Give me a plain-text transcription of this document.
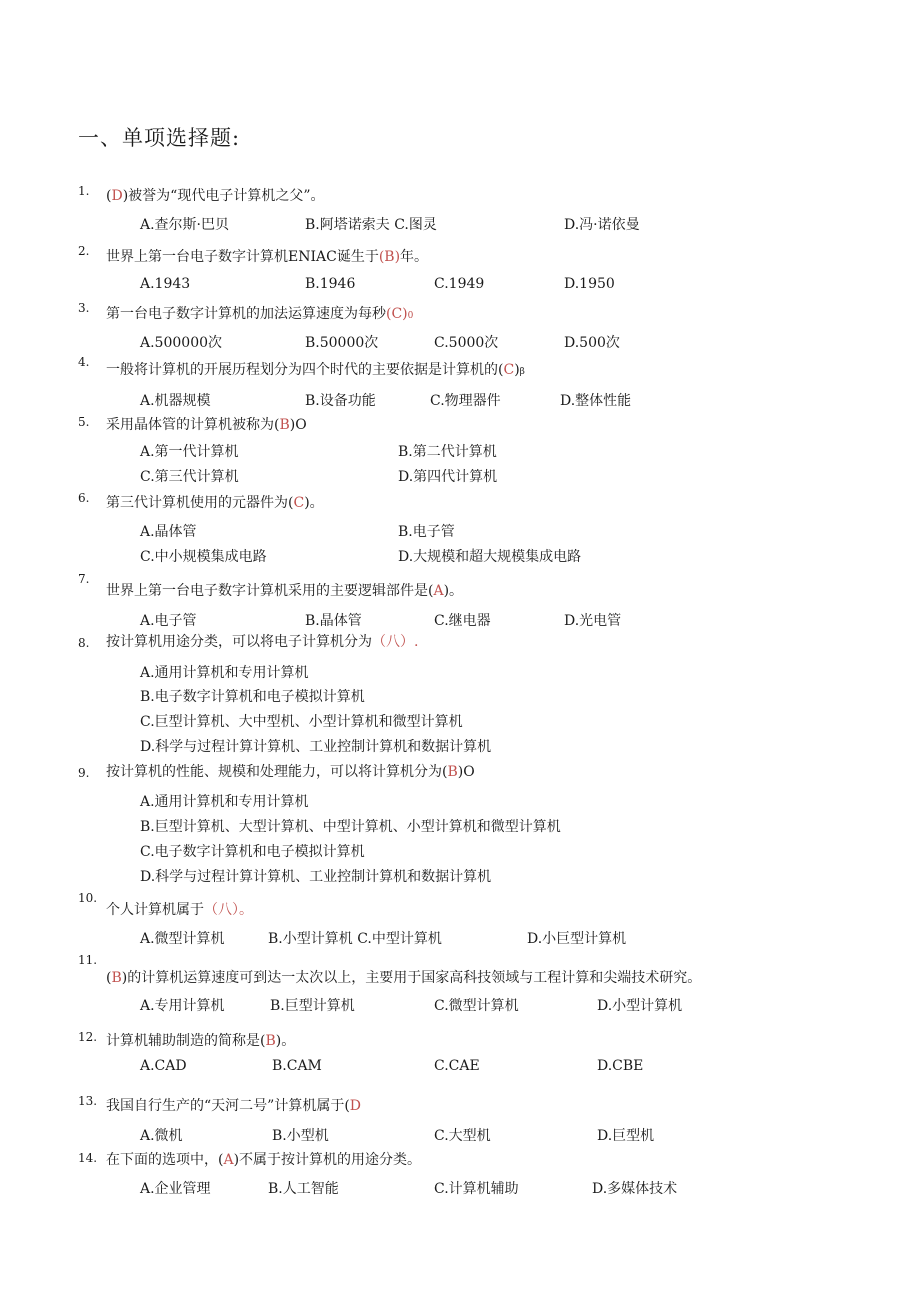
一、单项选择题:
1. (D)被誉为“现代电子计算机之父”。
A.查尔斯·巴贝	B.阿塔诺索夫 C.图灵	D.冯·诺依曼
2. 世界上第一台电子数字计算机ENIAC诞生于(B)年。
A.1943	B.1946	C.1949	D.1950
3. 第一台电子数字计算机的加法运算速度为每秒(C)0
A.500000次	B.50000次	C.5000次	D.500次
4. 一般将计算机的开展历程划分为四个时代的主要依据是计算机的(C)β
A.机器规模	B.设备功能	C.物理器件	D.整体性能
5. 采用晶体管的计算机被称为(B)O
A.第一代计算机	B.第二代计算机
C.第三代计算机	D.第四代计算机
6. 第三代计算机使用的元器件为(C)。
A.晶体管	B.电子管
C.中小规模集成电路	D.大规模和超大规模集成电路
7.
世界上第一台电子数字计算机采用的主要逻辑部件是(A)。
A.电子管	B.晶体管	C.继电器	D.光电管
8. 按计算机用途分类，可以将电子计算机分为（八）.
A.通用计算机和专用计算机
B.电子数字计算机和电子模拟计算机
C.巨型计算机、大中型机、小型计算机和微型计算机
D.科学与过程计算计算机、工业控制计算机和数据计算机
9. 按计算机的性能、规模和处理能力，可以将计算机分为(B)O
A.通用计算机和专用计算机
B.巨型计算机、大型计算机、中型计算机、小型计算机和微型计算机
C.电子数字计算机和电子模拟计算机
D.科学与过程计算计算机、工业控制计算机和数据计算机
10.
个人计算机属于（八）。
A.微型计算机	B.小型计算机 C.中型计算机	D.小巨型计算机
11.
(B)的计算机运算速度可到达一太次以上，主要用于国家高科技领域与工程计算和尖端技术研究。
A.专用计算机	B.巨型计算机	C.微型计算机	D.小型计算机
12. 计算机辅助制造的简称是(B)。
A.CAD	B.CAM	C.CAE	D.CBE
13. 我国自行生产的“天河二号”计算机属于(D
A.微机	B.小型机	C.大型机	D.巨型机
14. 在下面的选项中，(A)不属于按计算机的用途分类。
A.企业管理	B.人工智能	C.计算机辅助	D.多媒体技术
